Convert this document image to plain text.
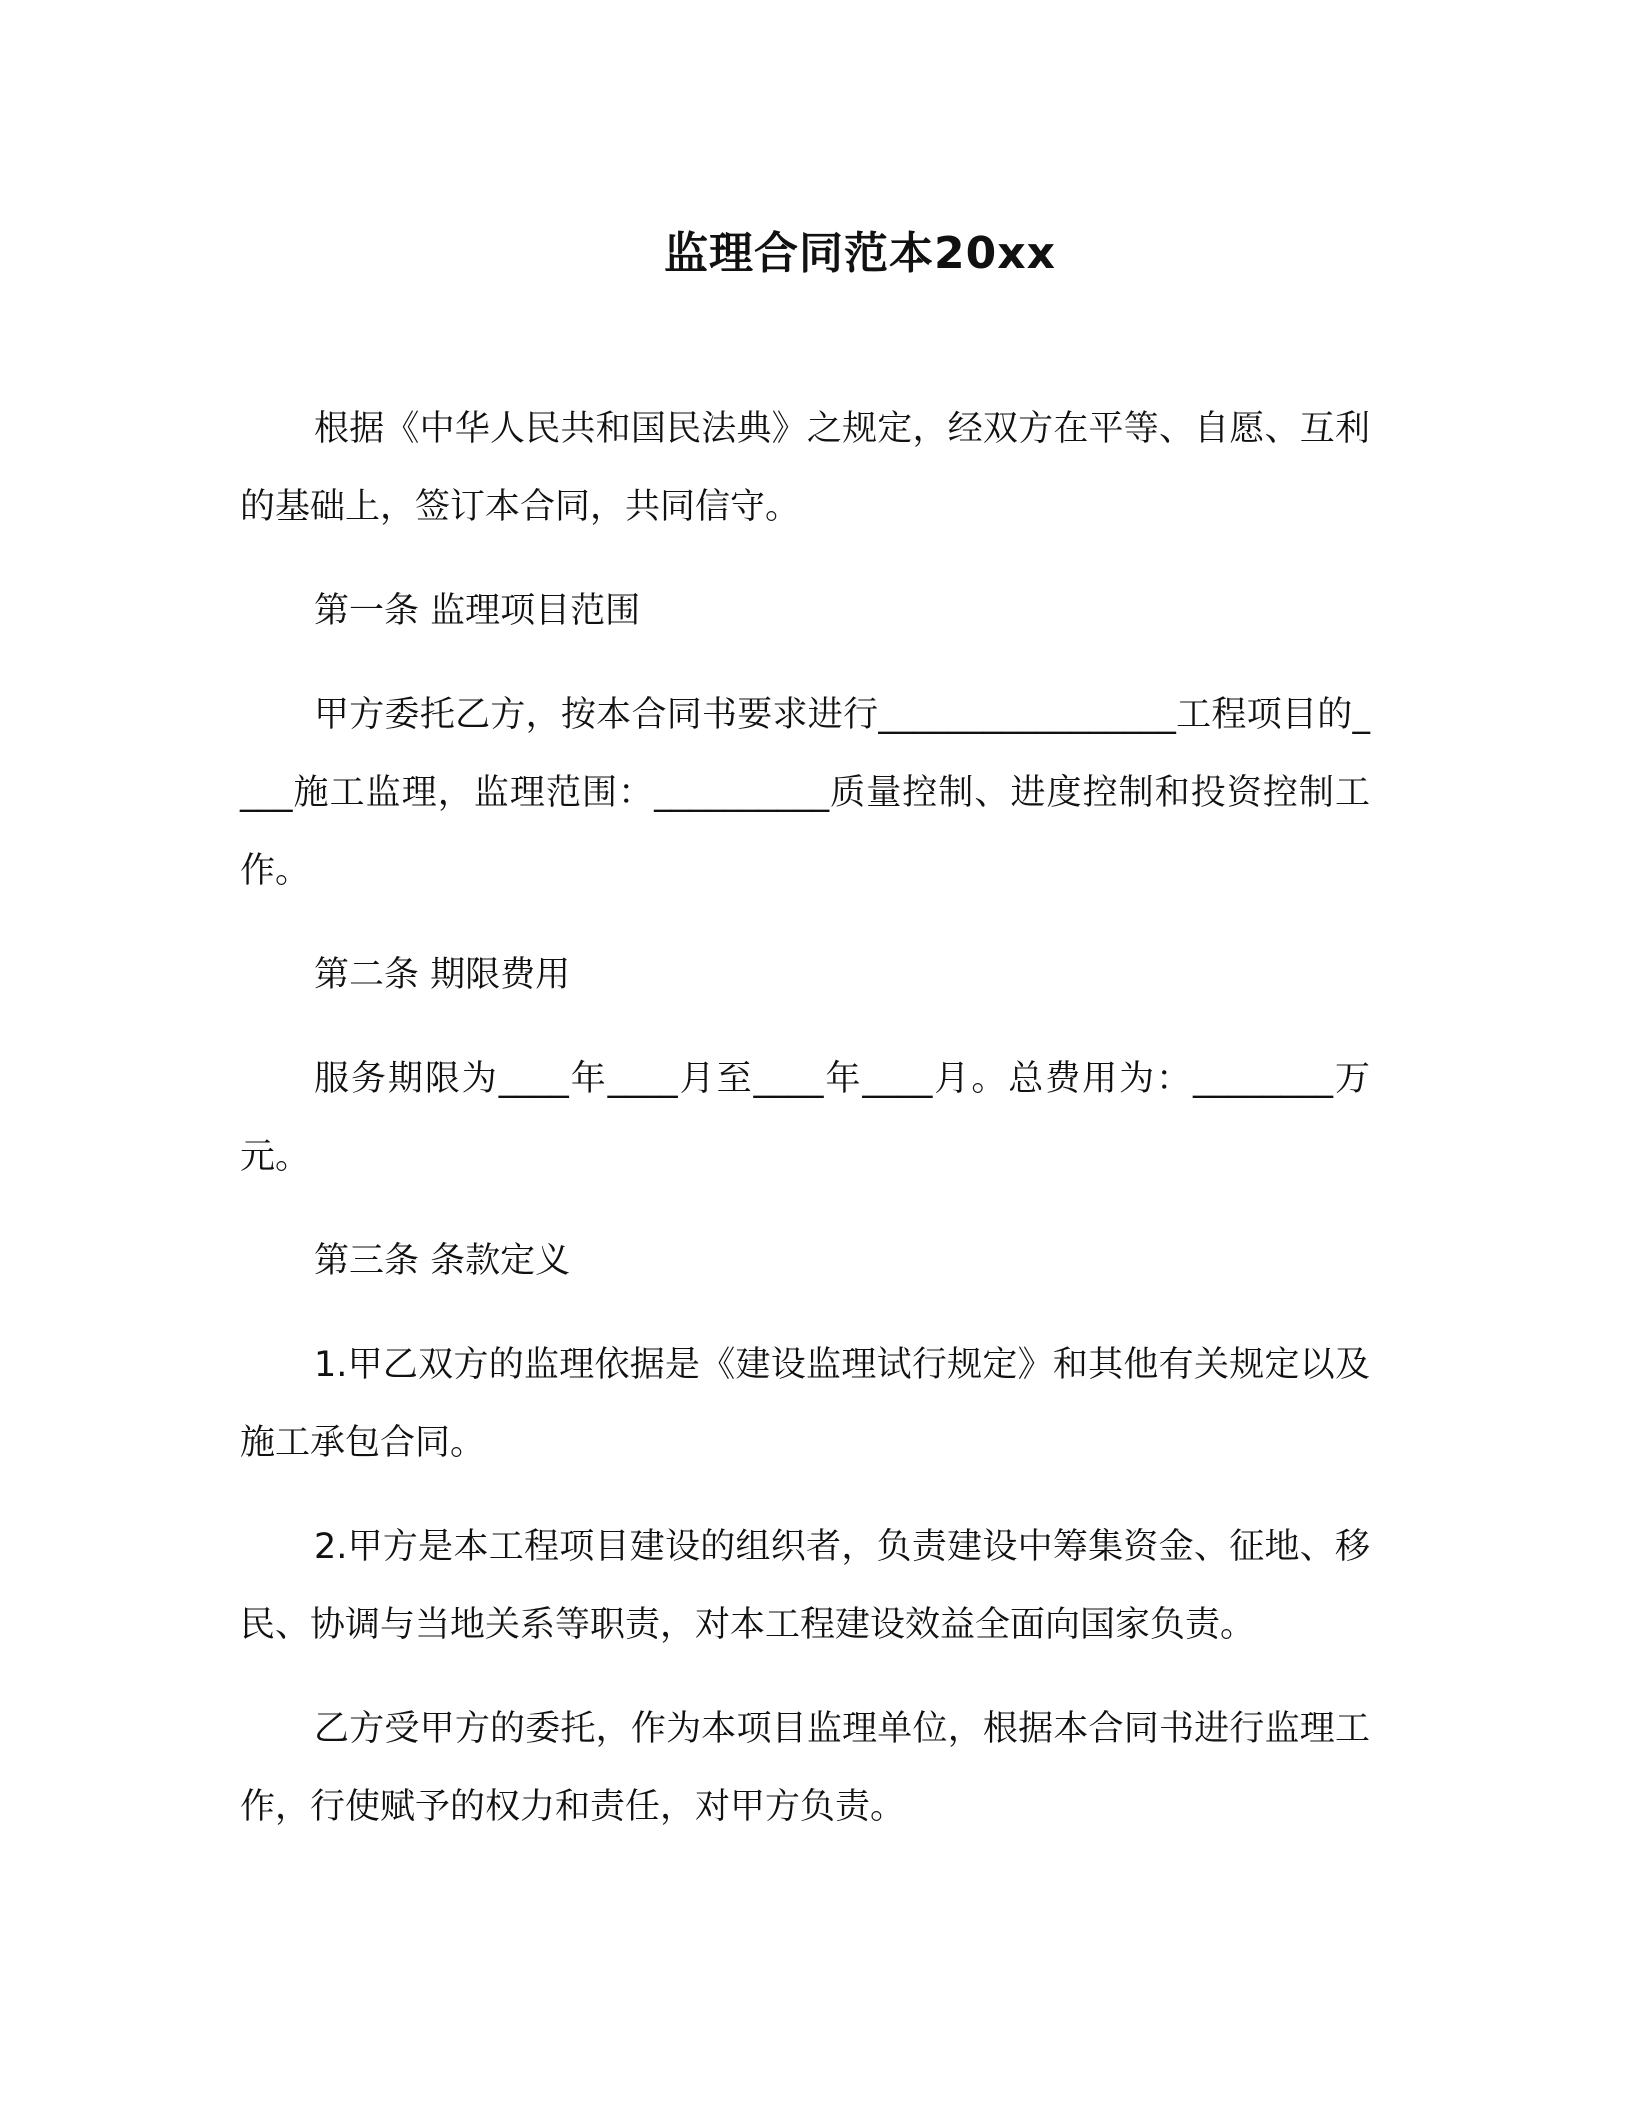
监理合同范本20xx

根据《中华人民共和国民法典》之规定，经双方在平等、自愿、互利的基础上，签订本合同，共同信守。

第一条 监理项目范围

甲方委托乙方，按本合同书要求进行_________________工程项目的____施工监理，监理范围：__________质量控制、进度控制和投资控制工作。

第二条 期限费用

服务期限为____年____月至____年____月。总费用为：________万元。

第三条 条款定义

1.甲乙双方的监理依据是《建设监理试行规定》和其他有关规定以及施工承包合同。

2.甲方是本工程项目建设的组织者，负责建设中筹集资金、征地、移民、协调与当地关系等职责，对本工程建设效益全面向国家负责。

乙方受甲方的委托，作为本项目监理单位，根据本合同书进行监理工作，行使赋予的权力和责任，对甲方负责。
